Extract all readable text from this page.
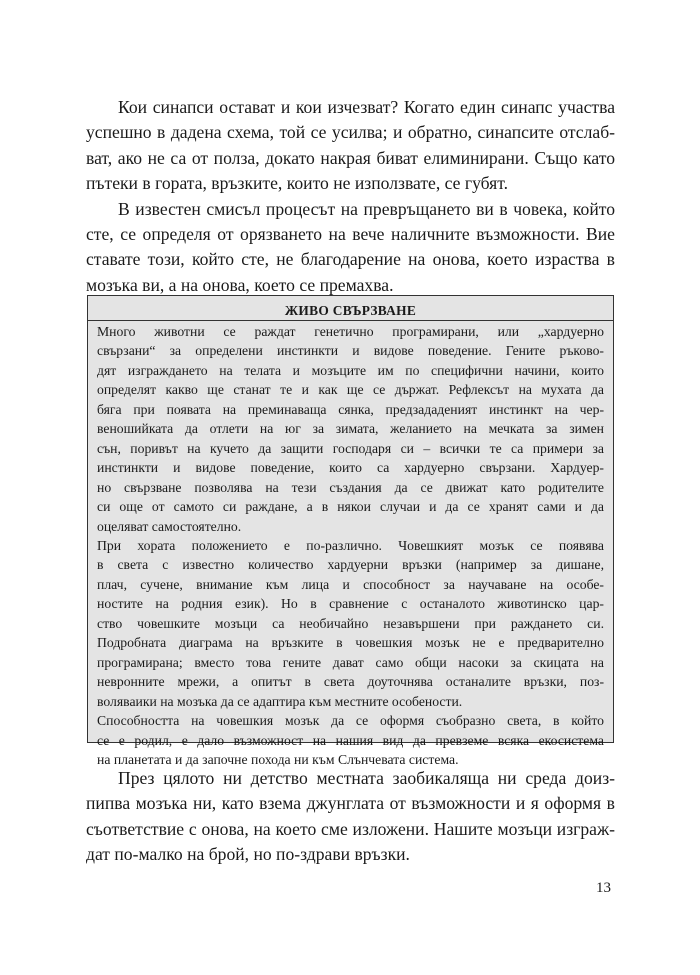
Кои синапси остават и кои изчезват? Когато един синапс участва
успешно в дадена схема, той се усилва; и обратно, синапсите отслаб-
ват, ако не са от полза, докато накрая биват елиминирани. Също като
пътеки в гората, връзките, които не използвате, се губят.

В известен смисъл процесът на превръщането ви в човека, който
сте, се определя от орязването на вече наличните възможности. Вие
ставате този, който сте, не благодарение на онова, което израства в
мозъка ви, а на онова, което се премахва.

ЖИВО СВЪРЗВАНЕ
Много животни се раждат генетично програмирани, или „хардуерно
свързани“ за определени инстинкти и видове поведение. Гените ръково-
дят изграждането на телата и мозъците им по специфични начини, които
определят какво ще станат те и как ще се държат. Рефлексът на мухата да
бяга при появата на преминаваща сянка, предзададеният инстинкт на чер-
веношийката да отлети на юг за зимата, желанието на мечката за зимен
сън, поривът на кучето да защити господаря си – всички те са примери за
инстинкти и видове поведение, които са хардуерно свързани. Хардуер-
но свързване позволява на тези създания да се движат като родителите
си още от самото си раждане, а в някои случаи и да се хранят сами и да
оцеляват самостоятелно.
При хората положението е по-различно. Човешкият мозък се появява
в света с известно количество хардуерни връзки (например за дишане,
плач, сучене, внимание към лица и способност за научаване на особе-
ностите на родния език). Но в сравнение с останалото животинско цар-
ство човешките мозъци са необичайно незавършени при раждането си.
Подробната диаграма на връзките в човешкия мозък не е предварително
програмирана; вместо това гените дават само общи насоки за скицата на
невронните мрежи, а опитът в света доуточнява останалите връзки, поз-
воляваики на мозъка да се адаптира към местните особености.
Способността на човешкия мозък да се оформя съобразно света, в който
се е родил, е дало възможност на нашия вид да превземе всяка екосистема
на планетата и да започне похода ни към Слънчевата система.

През цялото ни детство местната заобикаляща ни среда доиз-
пипва мозъка ни, като взема джунглата от възможности и я оформя в
съответствие с онова, на което сме изложени. Нашите мозъци изграж-
дат по-малко на брой, но по-здрави връзки.

13
